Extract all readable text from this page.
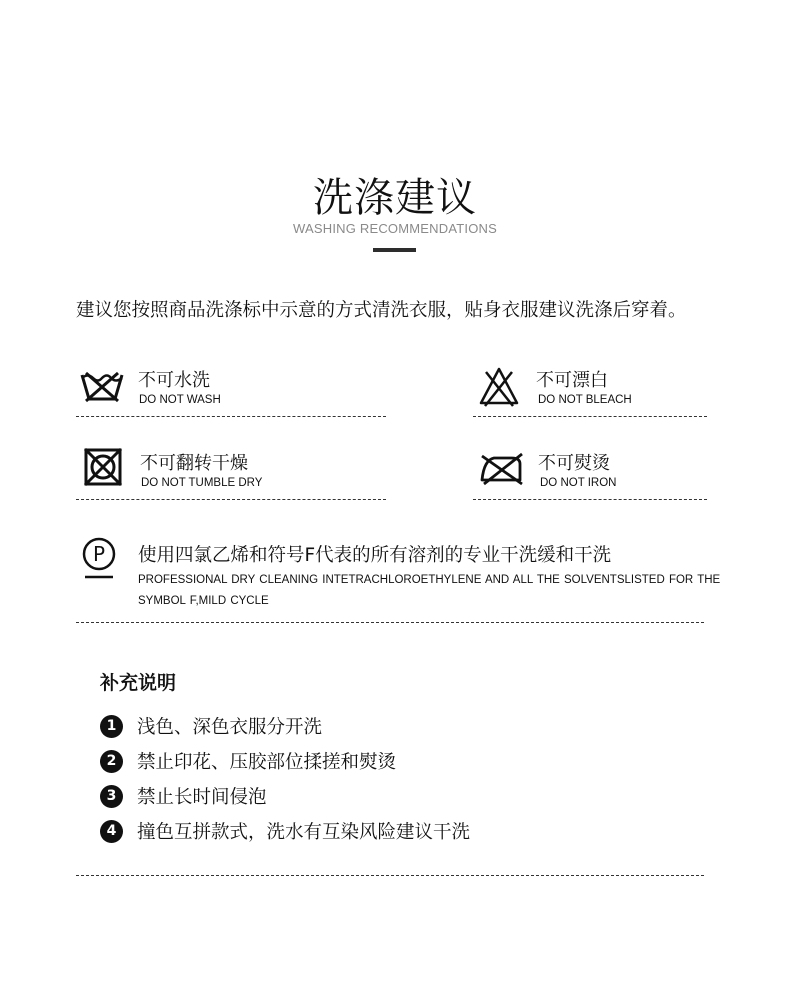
洗涤建议
WASHING RECOMMENDATIONS
建议您按照商品洗涤标中示意的方式清洗衣服，贴身衣服建议洗涤后穿着。
不可水洗
DO NOT WASH
不可漂白
DO NOT BLEACH
不可翻转干燥
DO NOT TUMBLE DRY
不可熨烫
DO NOT IRON
P 使用四氯乙烯和符号F代表的所有溶剂的专业干洗缓和干洗
PROFESSIONAL DRY CLEANING INTETRACHLOROETHYLENE AND ALL THE SOLVENTSLISTED FOR THE
SYMBOL F,MILD CYCLE
补充说明
1	浅色、深色衣服分开洗
2	禁止印花、压胶部位揉搓和熨烫
3	禁止长时间侵泡
4	撞色互拼款式，洗水有互染风险建议干洗
